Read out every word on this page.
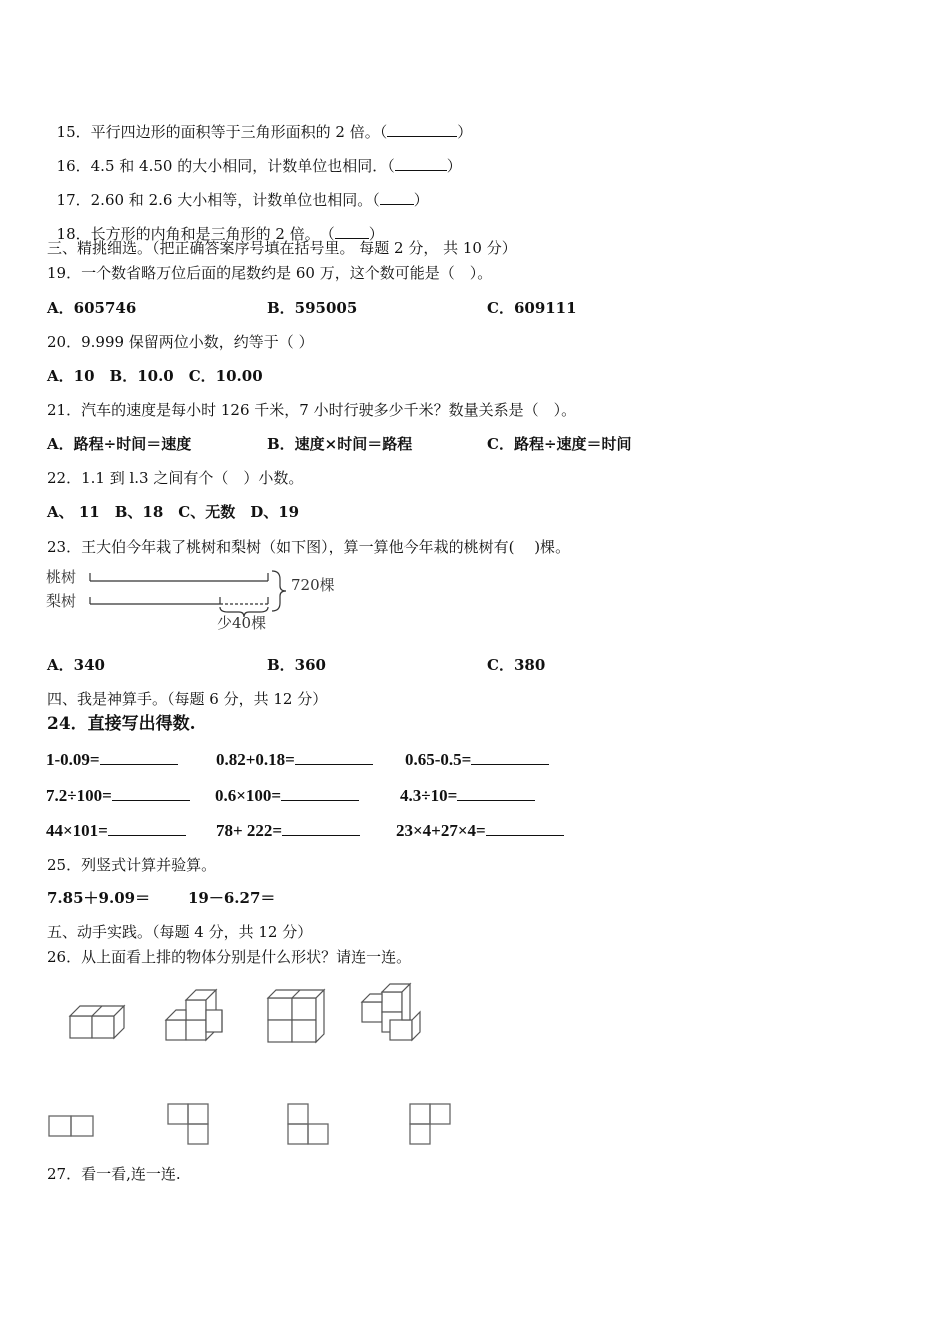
15．平行四边形的面积等于三角形面积的 2 倍。（	）

16．4.5 和 4.50 的大小相同，计数单位也相同．（	）

17．2.60 和 2.6 大小相等，计数单位也相同。（ ）

18．长方形的内角和是三角形的 2 倍。　（ ）

三、精挑细选。（把正确答案序号填在括号里。 每题 2 分， 共 10 分）
19．一个数省略万位后面的尾数约是 60 万，这个数可能是（　）。
A．605746	B．595005	C．609111
20．9.999 保留两位小数，约等于（ ）
A．10　B．10.0　C．10.00
21．汽车的速度是每小时 126 千米，7 小时行驶多少千米？数量关系是（　）。
A．路程÷时间＝速度	B．速度×时间＝路程	C．路程÷速度＝时间
22．1.1 到 l.3 之间有个（　）小数。
A、 11　B、18　C、无数　D、19
23．王大伯今年栽了桃树和梨树（如下图），算一算他今年栽的桃树有(　 )棵。
桃树
梨树
720棵
少40棵
A．340	B．360	C．380
四、我是神算手。（每题 6 分，共 12 分）
24．直接写出得数.
1-0.09=	0.82+0.18=	0.65-0.5=
7.2÷100=	0.6×100=	4.3÷10=
44×101=	78+ 222=	23×4+27×4=
25．列竖式计算并验算。
7.85＋9.09＝	19－6.27＝
五、动手实践。（每题 4 分，共 12 分）
26．从上面看上排的物体分别是什么形状？请连一连。
27．看一看,连一连.
